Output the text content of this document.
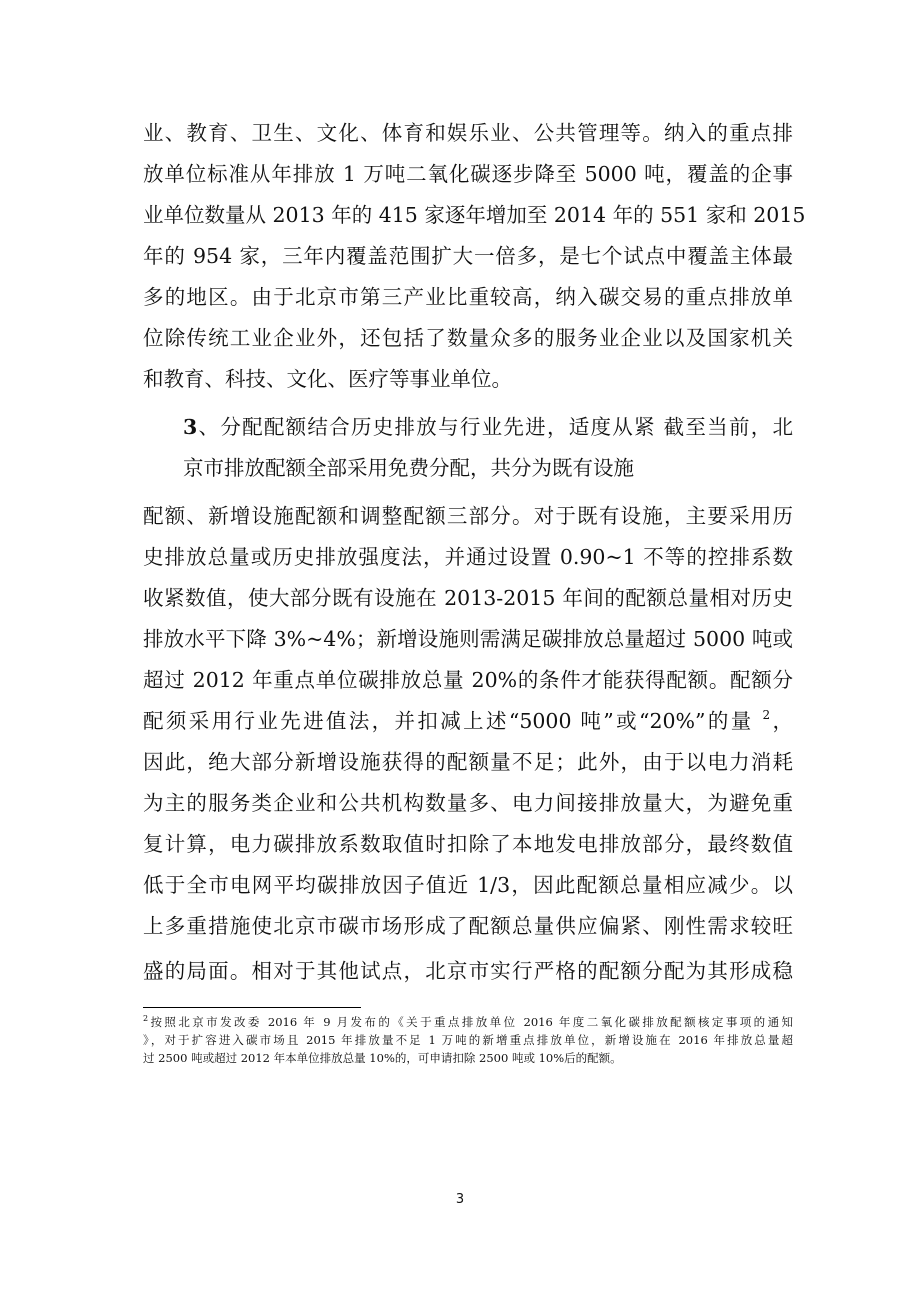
业、教育、卫生、文化、体育和娱乐业、公共管理等。纳入的重点排
放单位标准从年排放 1 万吨二氧化碳逐步降至 5000 吨，覆盖的企事
业单位数量从 2013 年的 415 家逐年增加至 2014 年的 551 家和 2015
年的 954 家，三年内覆盖范围扩大一倍多，是七个试点中覆盖主体最
多的地区。由于北京市第三产业比重较高，纳入碳交易的重点排放单
位除传统工业企业外，还包括了数量众多的服务业企业以及国家机关
和教育、科技、文化、医疗等事业单位。
3、分配配额结合历史排放与行业先进，适度从紧 截至当前，北
京市排放配额全部采用免费分配，共分为既有设施
配额、新增设施配额和调整配额三部分。对于既有设施，主要采用历
史排放总量或历史排放强度法，并通过设置 0.90~1 不等的控排系数
收紧数值，使大部分既有设施在 2013-2015 年间的配额总量相对历史
排放水平下降 3%~4%；新增设施则需满足碳排放总量超过 5000 吨或
超过 2012 年重点单位碳排放总量 20%的条件才能获得配额。配额分
配须采用行业先进值法，并扣减上述“5000 吨”或“20%”的量 $^2$，
因此，绝大部分新增设施获得的配额量不足；此外，由于以电力消耗
为主的服务类企业和公共机构数量多、电力间接排放量大，为避免重
复计算，电力碳排放系数取值时扣除了本地发电排放部分，最终数值
低于全市电网平均碳排放因子值近 1/3，因此配额总量相应减少。以
上多重措施使北京市碳市场形成了配额总量供应偏紧、刚性需求较旺
盛的局面。相对于其他试点，北京市实行严格的配额分配为其形成稳
$^2$按照北京市发改委 2016 年 9 月发布的《关于重点排放单位 2016 年度二氧化碳排放配额核定事项的通知
》，对于扩容进入碳市场且 2015 年排放量不足 1 万吨的新增重点排放单位，新增设施在 2016 年排放总量超
过 2500 吨或超过 2012 年本单位排放总量 10%的，可申请扣除 2500 吨或 10%后的配额。
3
